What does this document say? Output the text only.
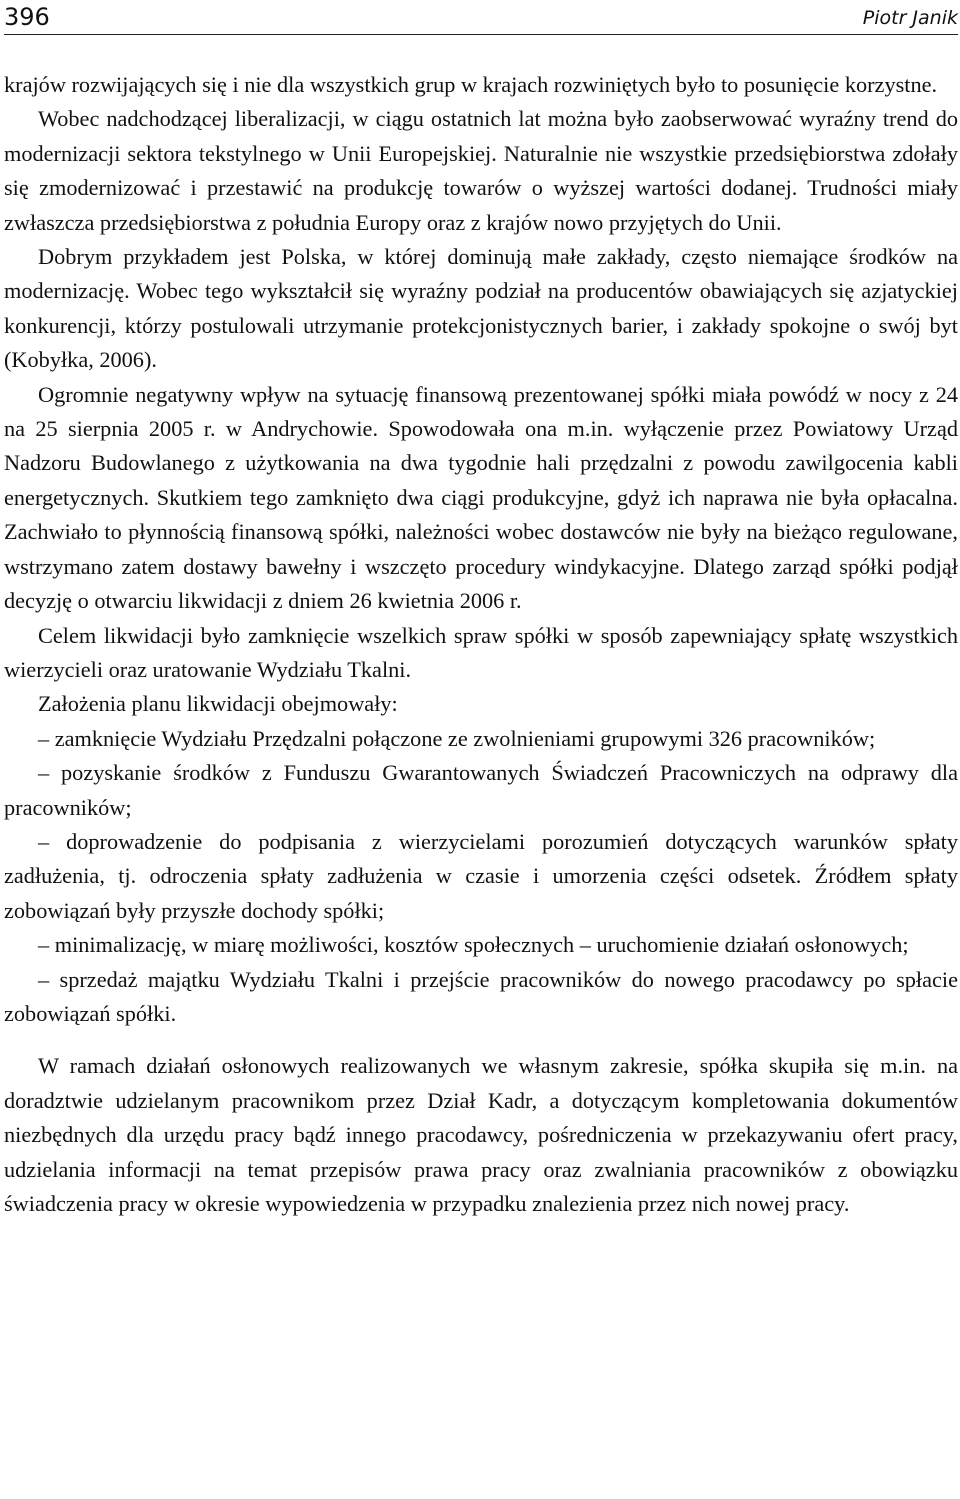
396	Piotr Janik

krajów rozwijających się i nie dla wszystkich grup w krajach rozwiniętych było to posunięcie korzystne.

Wobec nadchodzącej liberalizacji, w ciągu ostatnich lat można było zaobserwować wyraźny trend do modernizacji sektora tekstylnego w Unii Europejskiej. Naturalnie nie wszystkie przedsiębiorstwa zdołały się zmodernizować i przestawić na produkcję towarów o wyższej wartości dodanej. Trudności miały zwłaszcza przedsiębiorstwa z południa Europy oraz z krajów nowo przyjętych do Unii.

Dobrym przykładem jest Polska, w której dominują małe zakłady, często niemające środków na modernizację. Wobec tego wykształcił się wyraźny podział na producentów obawiających się azjatyckiej konkurencji, którzy postulowali utrzymanie protekcjonistycznych barier, i zakłady spokojne o swój byt (Kobyłka, 2006).

Ogromnie negatywny wpływ na sytuację finansową prezentowanej spółki miała powódź w nocy z 24 na 25 sierpnia 2005 r. w Andrychowie. Spowodowała ona m.in. wyłączenie przez Powiatowy Urząd Nadzoru Budowlanego z użytkowania na dwa tygodnie hali przędzalni z powodu zawilgocenia kabli energetycznych. Skutkiem tego zamknięto dwa ciągi produkcyjne, gdyż ich naprawa nie była opłacalna. Zachwiało to płynnością finansową spółki, należności wobec dostawców nie były na bieżąco regulowane, wstrzymano zatem dostawy bawełny i wszczęto procedury windykacyjne. Dlatego zarząd spółki podjął decyzję o otwarciu likwidacji z dniem 26 kwietnia 2006 r.

Celem likwidacji było zamknięcie wszelkich spraw spółki w sposób zapewniający spłatę wszystkich wierzycieli oraz uratowanie Wydziału Tkalni.

Założenia planu likwidacji obejmowały:

– zamknięcie Wydziału Przędzalni połączone ze zwolnieniami grupowymi 326 pracowników;

– pozyskanie środków z Funduszu Gwarantowanych Świadczeń Pracowniczych na odprawy dla pracowników;

– doprowadzenie do podpisania z wierzycielami porozumień dotyczących warunków spłaty zadłużenia, tj. odroczenia spłaty zadłużenia w czasie i umorzenia części odsetek. Źródłem spłaty zobowiązań były przyszłe dochody spółki;

– minimalizację, w miarę możliwości, kosztów społecznych – uruchomienie działań osłonowych;

– sprzedaż majątku Wydziału Tkalni i przejście pracowników do nowego pracodawcy po spłacie zobowiązań spółki.

W ramach działań osłonowych realizowanych we własnym zakresie, spółka skupiła się m.in. na doradztwie udzielanym pracownikom przez Dział Kadr, a dotyczącym kompletowania dokumentów niezbędnych dla urzędu pracy bądź innego pracodawcy, pośredniczenia w przekazywaniu ofert pracy, udzielania informacji na temat przepisów prawa pracy oraz zwalniania pracowników z obowiązku świadczenia pracy w okresie wypowiedzenia w przypadku znalezienia przez nich nowej pracy.
